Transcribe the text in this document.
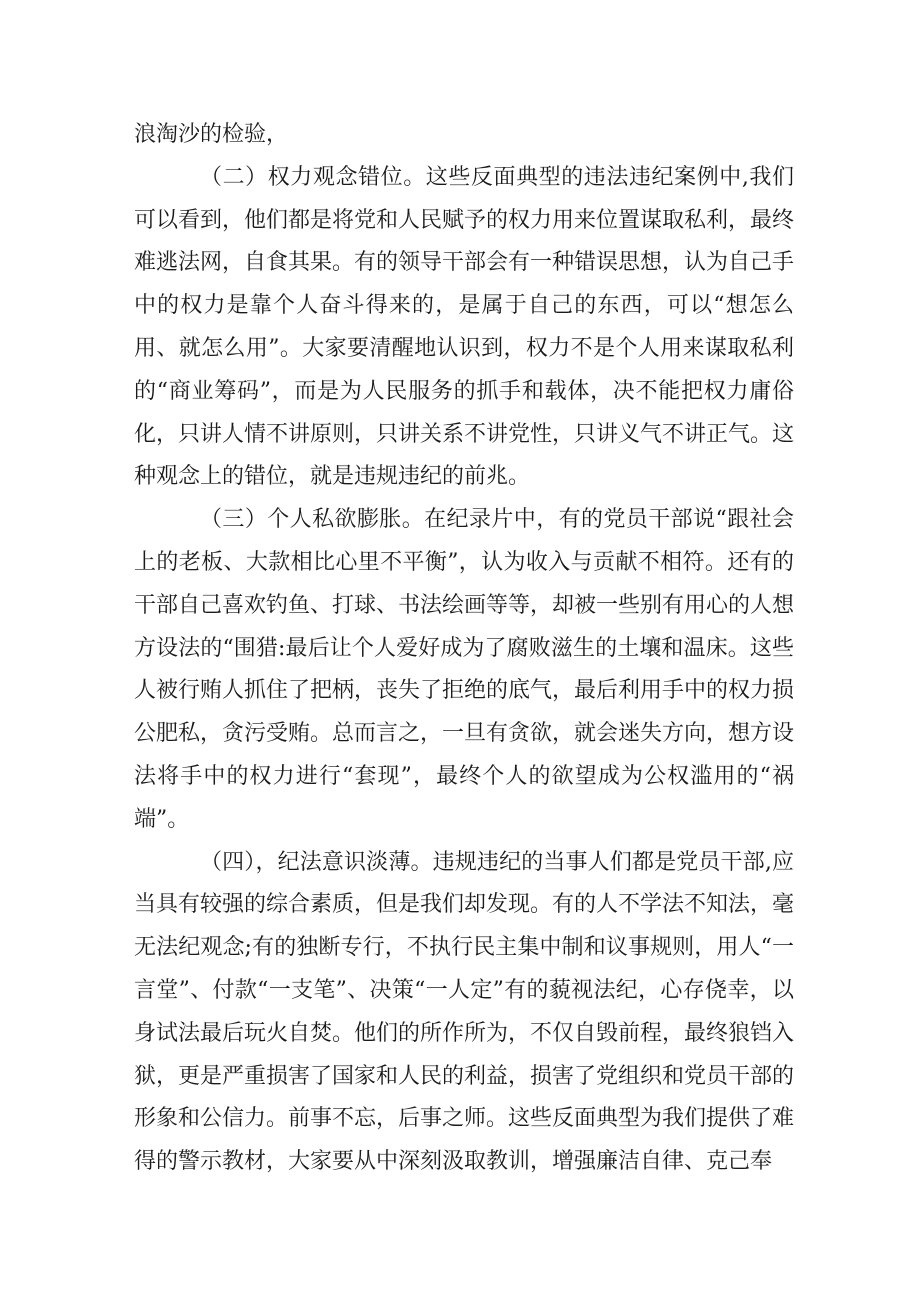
浪淘沙的检验，

（二）权力观念错位。这些反面典型的违法违纪案例中,我们可以看到，他们都是将党和人民赋予的权力用来位置谋取私利，最终难逃法网，自食其果。有的领导干部会有一种错误思想，认为自己手中的权力是靠个人奋斗得来的，是属于自己的东西，可以“想怎么用、就怎么用”。大家要清醒地认识到，权力不是个人用来谋取私利的“商业筹码”，而是为人民服务的抓手和载体，决不能把权力庸俗化，只讲人情不讲原则，只讲关系不讲党性，只讲义气不讲正气。这种观念上的错位，就是违规违纪的前兆。

（三）个人私欲膨胀。在纪录片中，有的党员干部说“跟社会上的老板、大款相比心里不平衡”，认为收入与贡献不相符。还有的干部自己喜欢钓鱼、打球、书法绘画等等，却被一些别有用心的人想方设法的“围猎:最后让个人爱好成为了腐败滋生的土壤和温床。这些人被行贿人抓住了把柄，丧失了拒绝的底气，最后利用手中的权力损公肥私，贪污受贿。总而言之，一旦有贪欲，就会迷失方向，想方设法将手中的权力进行“套现”，最终个人的欲望成为公权滥用的“祸端”。

（四），纪法意识淡薄。违规违纪的当事人们都是党员干部,应当具有较强的综合素质，但是我们却发现。有的人不学法不知法，毫无法纪观念;有的独断专行，不执行民主集中制和议事规则，用人“一言堂”、付款“一支笔”、决策“一人定”有的藐视法纪，心存侥幸，以身试法最后玩火自焚。他们的所作所为，不仅自毁前程，最终狼铛入狱，更是严重损害了国家和人民的利益，损害了党组织和党员干部的形象和公信力。前事不忘，后事之师。这些反面典型为我们提供了难得的警示教材，大家要从中深刻汲取教训，增强廉洁自律、克己奉
